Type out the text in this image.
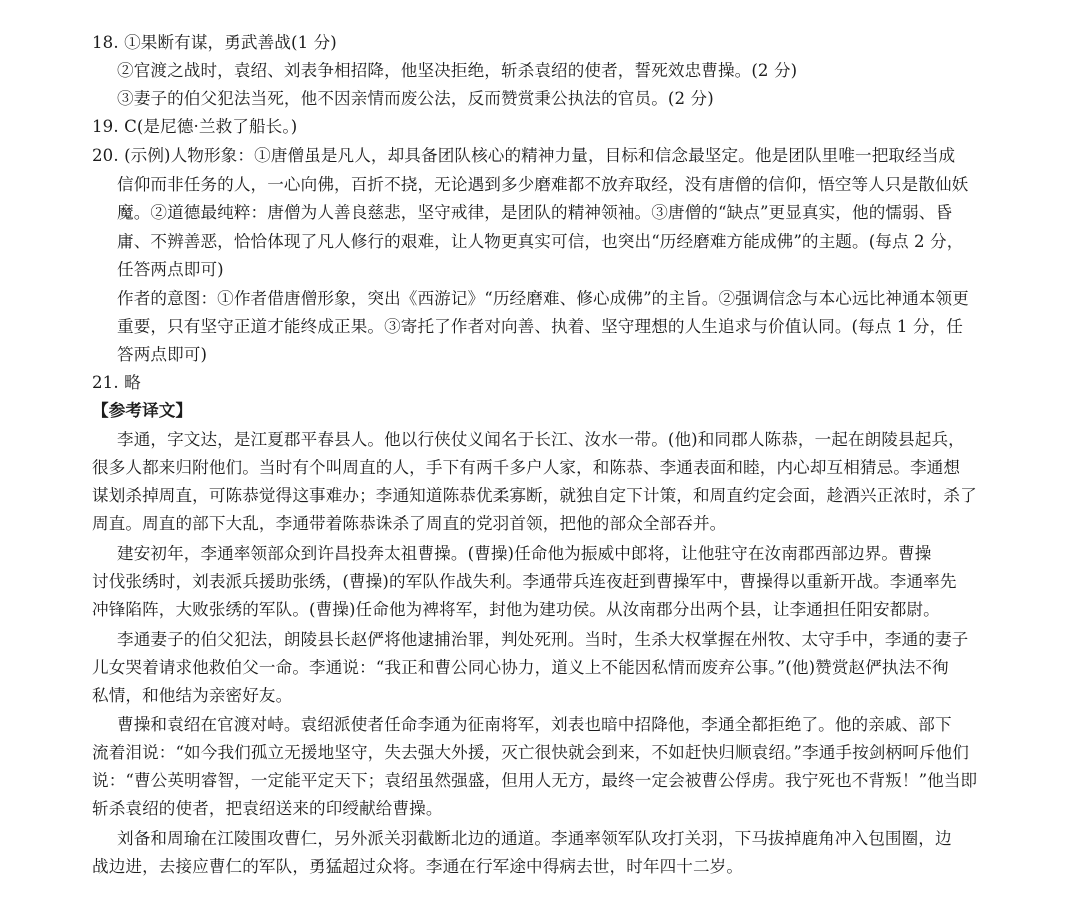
18. ①果断有谋，勇武善战(1 分)
②官渡之战时，袁绍、刘表争相招降，他坚决拒绝，斩杀袁绍的使者，誓死效忠曹操。(2 分)
③妻子的伯父犯法当死，他不因亲情而废公法，反而赞赏秉公执法的官员。(2 分)
19. C(是尼德·兰救了船长。)
20. (示例)人物形象：①唐僧虽是凡人，却具备团队核心的精神力量，目标和信念最坚定。他是团队里唯一把取经当成
信仰而非任务的人，一心向佛，百折不挠，无论遇到多少磨难都不放弃取经，没有唐僧的信仰，悟空等人只是散仙妖
魔。②道德最纯粹：唐僧为人善良慈悲，坚守戒律，是团队的精神领袖。③唐僧的“缺点”更显真实，他的懦弱、昏
庸、不辨善恶，恰恰体现了凡人修行的艰难，让人物更真实可信，也突出“历经磨难方能成佛”的主题。(每点 2 分，
任答两点即可)
作者的意图：①作者借唐僧形象，突出《西游记》“历经磨难、修心成佛”的主旨。②强调信念与本心远比神通本领更
重要，只有坚守正道才能终成正果。③寄托了作者对向善、执着、坚守理想的人生追求与价值认同。(每点 1 分，任
答两点即可)
21. 略
【参考译文】
李通，字文达，是江夏郡平春县人。他以行侠仗义闻名于长江、汝水一带。(他)和同郡人陈恭，一起在朗陵县起兵，
很多人都来归附他们。当时有个叫周直的人，手下有两千多户人家，和陈恭、李通表面和睦，内心却互相猜忌。李通想
谋划杀掉周直，可陈恭觉得这事难办；李通知道陈恭优柔寡断，就独自定下计策，和周直约定会面，趁酒兴正浓时，杀了
周直。周直的部下大乱，李通带着陈恭诛杀了周直的党羽首领，把他的部众全部吞并。
建安初年，李通率领部众到许昌投奔太祖曹操。(曹操)任命他为振威中郎将，让他驻守在汝南郡西部边界。曹操
讨伐张绣时，刘表派兵援助张绣，(曹操)的军队作战失利。李通带兵连夜赶到曹操军中，曹操得以重新开战。李通率先
冲锋陷阵，大败张绣的军队。(曹操)任命他为裨将军，封他为建功侯。从汝南郡分出两个县，让李通担任阳安都尉。
李通妻子的伯父犯法，朗陵县长赵俨将他逮捕治罪，判处死刑。当时，生杀大权掌握在州牧、太守手中，李通的妻子
儿女哭着请求他救伯父一命。李通说：“我正和曹公同心协力，道义上不能因私情而废弃公事。”(他)赞赏赵俨执法不徇
私情，和他结为亲密好友。
曹操和袁绍在官渡对峙。袁绍派使者任命李通为征南将军，刘表也暗中招降他，李通全都拒绝了。他的亲戚、部下
流着泪说：“如今我们孤立无援地坚守，失去强大外援，灭亡很快就会到来，不如赶快归顺袁绍。”李通手按剑柄呵斥他们
说：“曹公英明睿智，一定能平定天下；袁绍虽然强盛，但用人无方，最终一定会被曹公俘虏。我宁死也不背叛！”他当即
斩杀袁绍的使者，把袁绍送来的印绶献给曹操。
刘备和周瑜在江陵围攻曹仁，另外派关羽截断北边的通道。李通率领军队攻打关羽，下马拔掉鹿角冲入包围圈，边
战边进，去接应曹仁的军队，勇猛超过众将。李通在行军途中得病去世，时年四十二岁。
